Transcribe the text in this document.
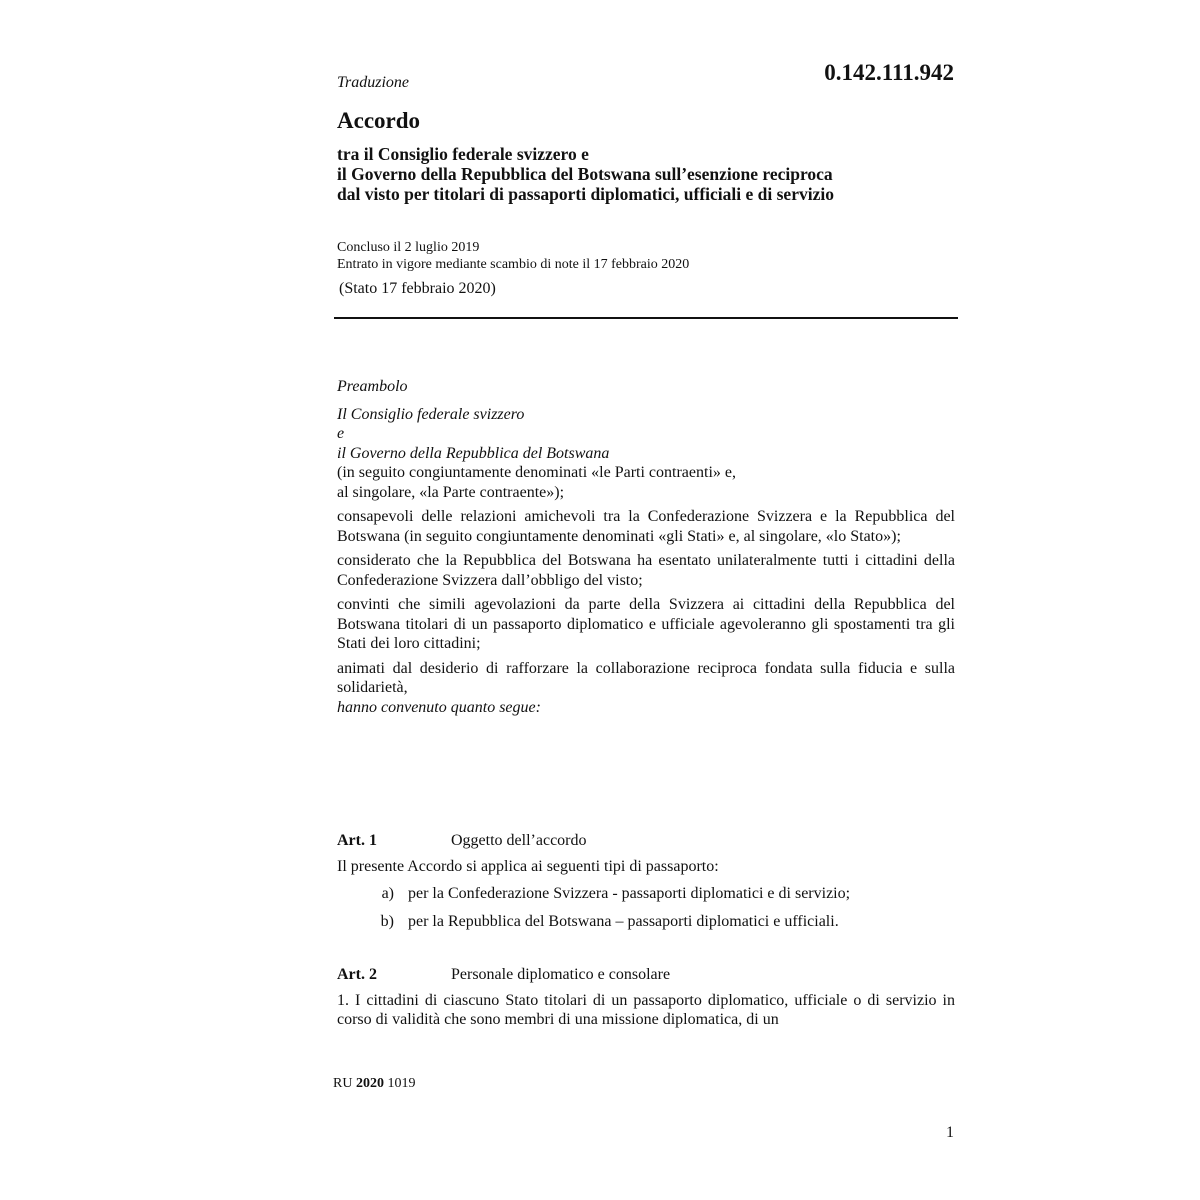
Traduzione	0.142.111.942
Accordo
tra il Consiglio federale svizzero e
il Governo della Repubblica del Botswana sull’esenzione reciproca
dal visto per titolari di passaporti diplomatici, ufficiali e di servizio
Concluso il 2 luglio 2019
Entrato in vigore mediante scambio di note il 17 febbraio 2020
(Stato 17 febbraio 2020)
Preambolo
Il Consiglio federale svizzero
e
il Governo della Repubblica del Botswana
(in seguito congiuntamente denominati «le Parti contraenti» e,
al singolare, «la Parte contraente»);
consapevoli delle relazioni amichevoli tra la Confederazione Svizzera e la Repubblica del Botswana (in seguito congiuntamente denominati «gli Stati» e, al singolare, «lo Stato»);
considerato che la Repubblica del Botswana ha esentato unilateralmente tutti i cittadini della Confederazione Svizzera dall’obbligo del visto;
convinti che simili agevolazioni da parte della Svizzera ai cittadini della Repubblica del Botswana titolari di un passaporto diplomatico e ufficiale agevoleranno gli spostamenti tra gli Stati dei loro cittadini;
animati dal desiderio di rafforzare la collaborazione reciproca fondata sulla fiducia e sulla solidarietà,
hanno convenuto quanto segue:
Art. 1	Oggetto dell’accordo
Il presente Accordo si applica ai seguenti tipi di passaporto:
a) per la Confederazione Svizzera - passaporti diplomatici e di servizio;
b) per la Repubblica del Botswana – passaporti diplomatici e ufficiali.
Art. 2	Personale diplomatico e consolare
1. I cittadini di ciascuno Stato titolari di un passaporto diplomatico, ufficiale o di servizio in corso di validità che sono membri di una missione diplomatica, di un
RU 2020 1019
1
